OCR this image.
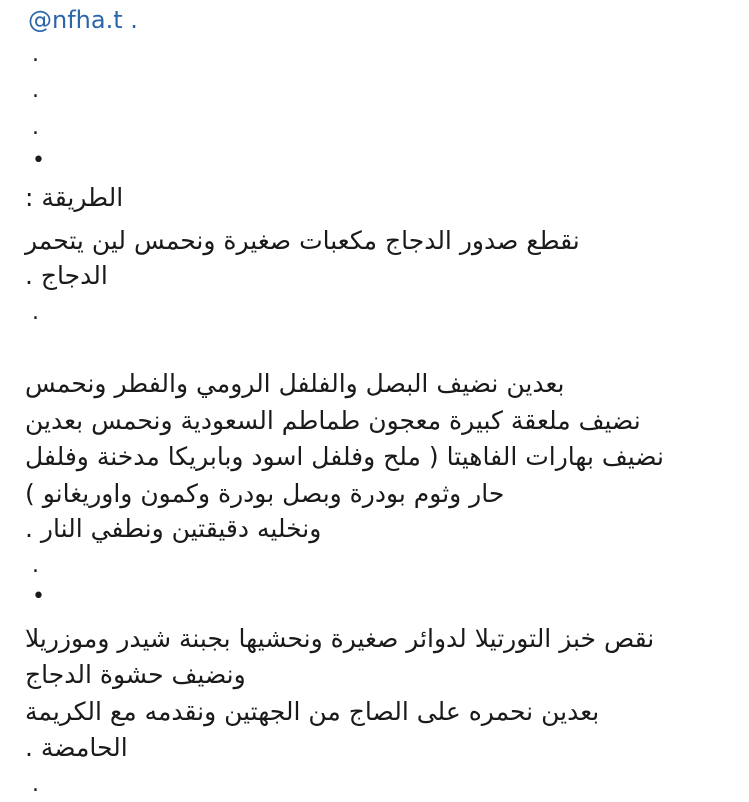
@nfha.t .
.
.
.
•
الطريقة :
نقطع صدور الدجاج مكعبات صغيرة ونحمس لين يتحمر
الدجاج .
.
بعدين نضيف البصل والفلفل الرومي والفطر ونحمس
نضيف ملعقة كبيرة معجون طماطم السعودية ونحمس بعدين
نضيف بهارات الفاهيتا ( ملح وفلفل اسود وبابريكا مدخنة وفلفل
حار وثوم بودرة وبصل بودرة وكمون واوريغانو )
ونخليه دقيقتين ونطفي النار .
.
•
نقص خبز التورتيلا لدوائر صغيرة ونحشيها بجبنة شيدر وموزريلا
ونضيف حشوة الدجاج
بعدين نحمره على الصاج من الجهتين ونقدمه مع الكريمة
الحامضة .
.
